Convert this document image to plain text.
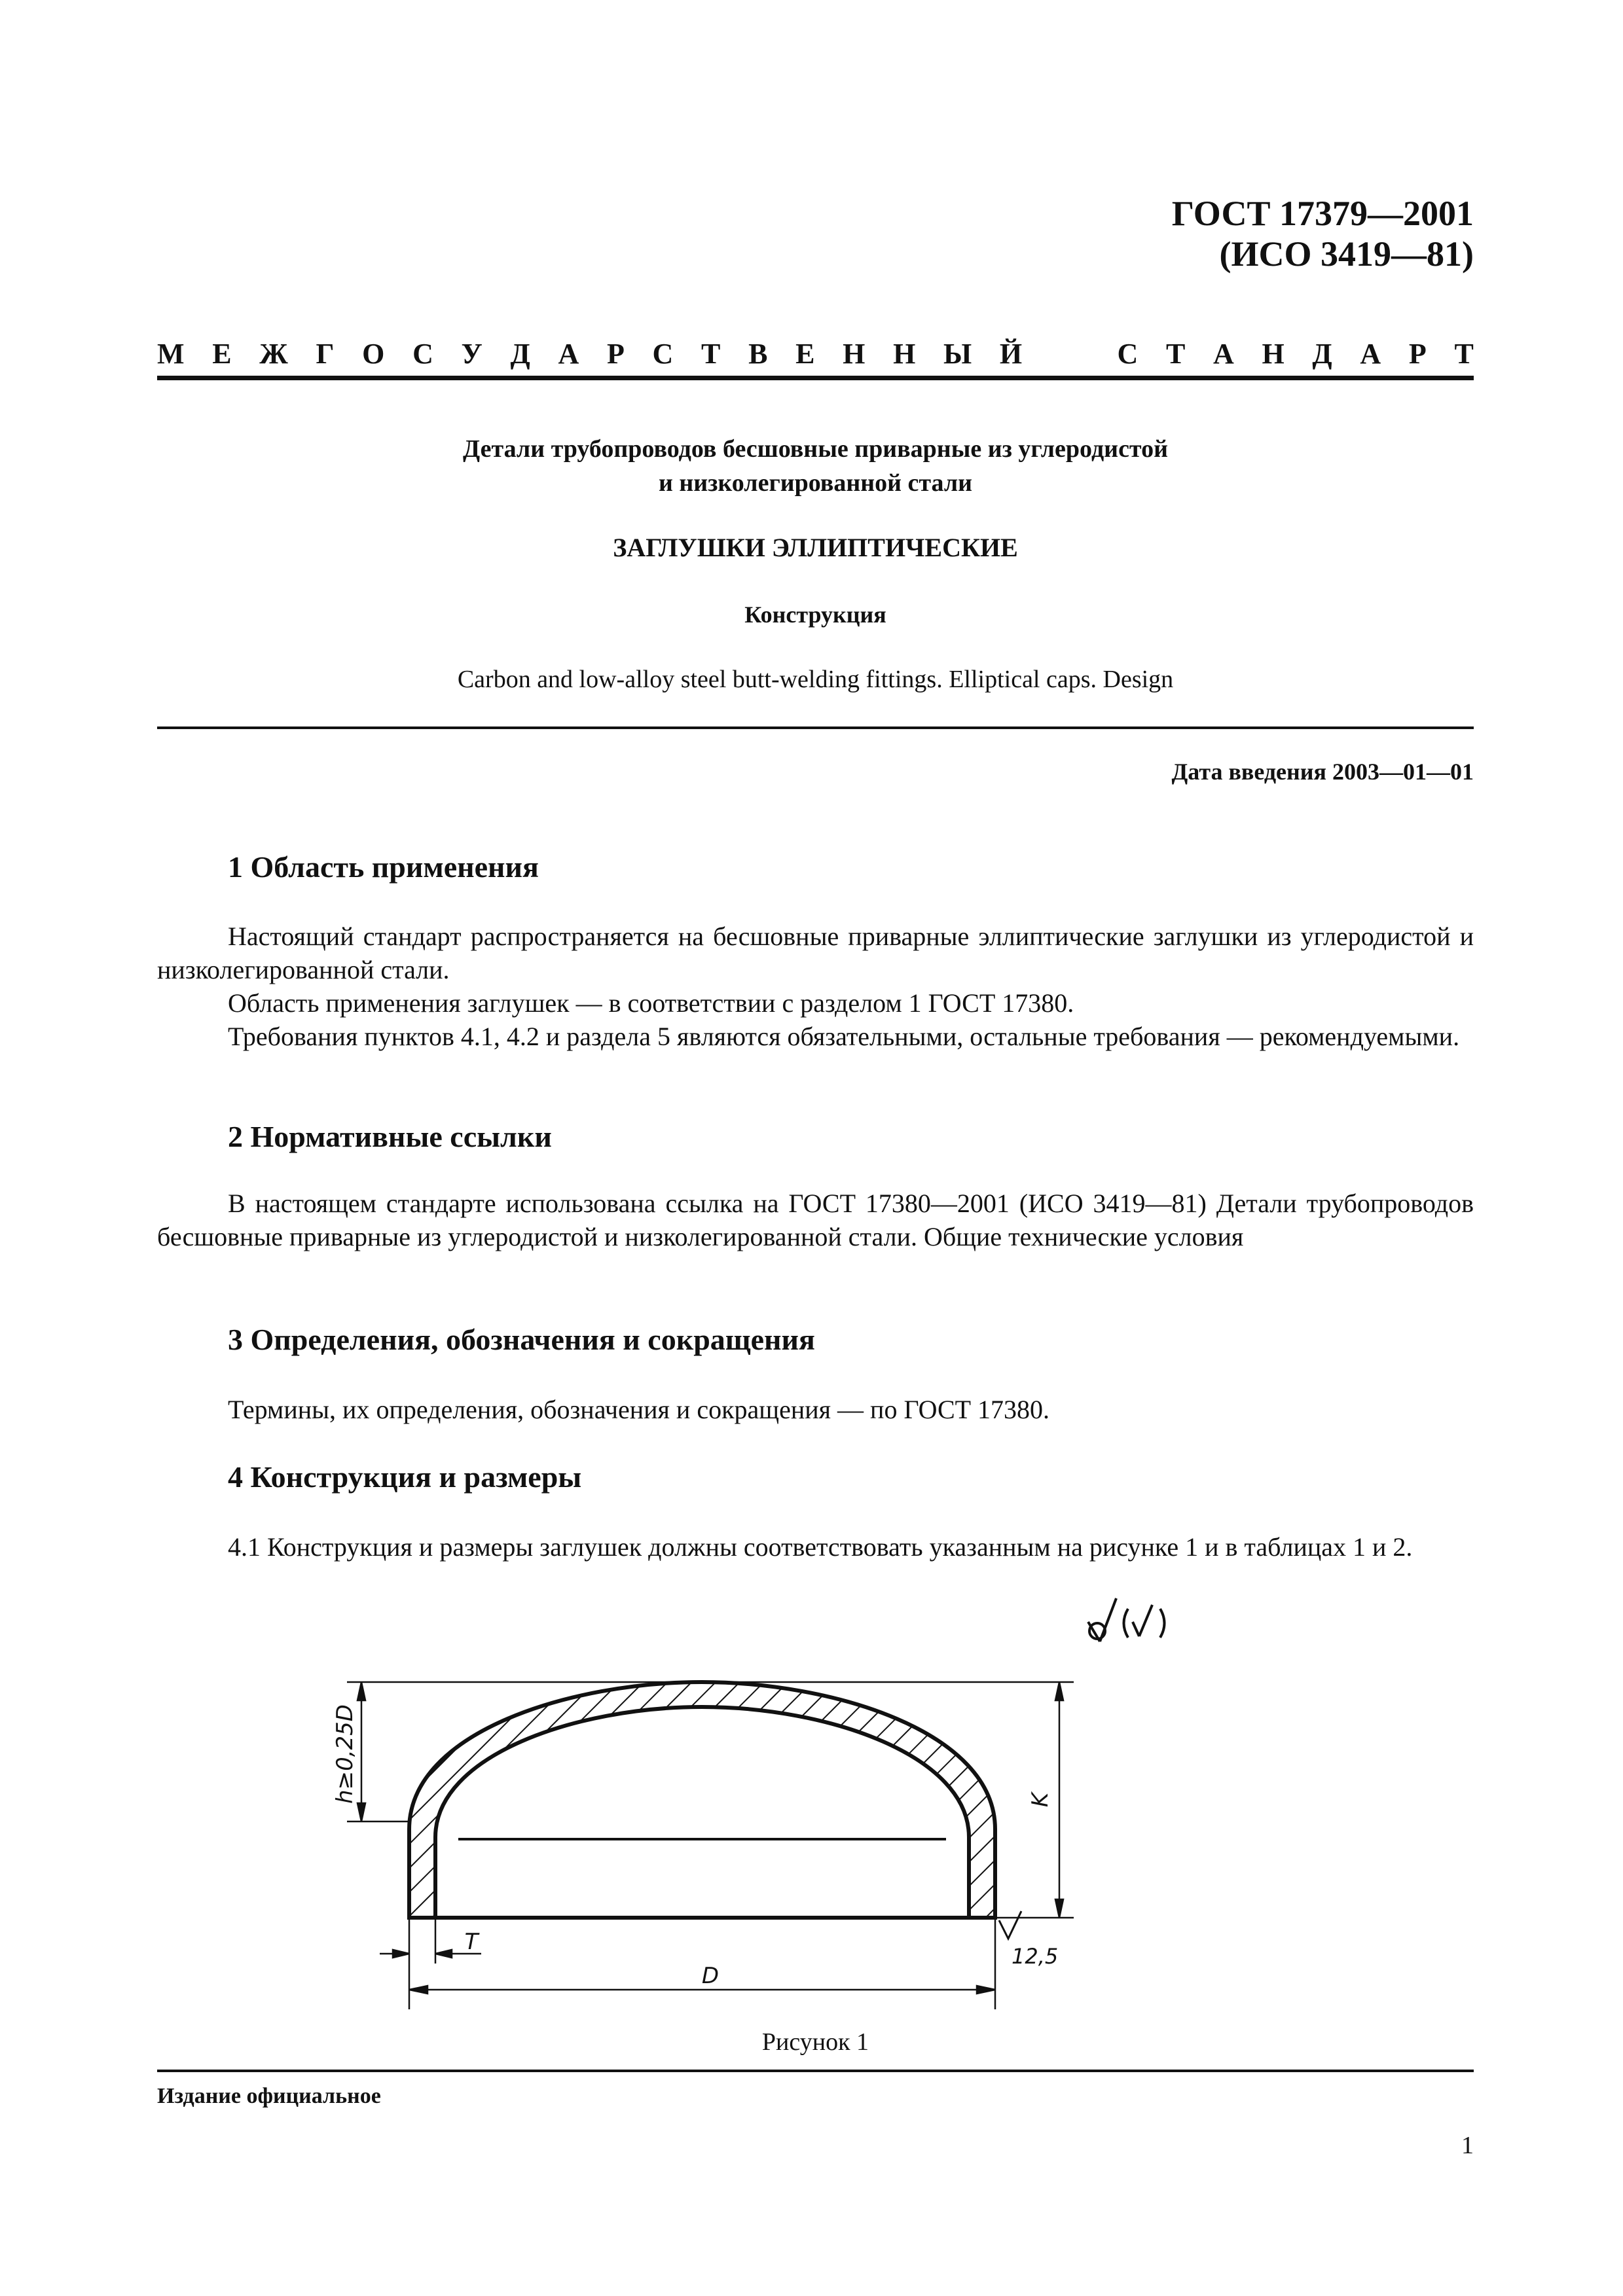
ГОСТ 17379—2001
(ИСО 3419—81)
М Е Ж Г О С У Д А Р С Т В Е Н Н Ы Й	С Т А Н Д А Р Т
Детали трубопроводов бесшовные приварные из углеродистой
и низколегированной стали
ЗАГЛУШКИ ЭЛЛИПТИЧЕСКИЕ
Конструкция
Carbon and low-alloy steel butt-welding fittings. Elliptical caps. Design
Дата введения 2003—01—01
1 Область применения
Настоящий стандарт распространяется на бесшовные приварные эллиптические заглушки из углеродистой и низколегированной стали.
Область применения заглушек — в соответствии с разделом 1 ГОСТ 17380.
Требования пунктов 4.1, 4.2 и раздела 5 являются обязательными, остальные требования — рекомендуемыми.
2 Нормативные ссылки
В настоящем стандарте использована ссылка на ГОСТ 17380—2001 (ИСО 3419—81) Детали трубопроводов бесшовные приварные из углеродистой и низколегированной стали. Общие технические условия
3 Определения, обозначения и сокращения
Термины, их определения, обозначения и сокращения — по ГОСТ 17380.
4 Конструкция и размеры
4.1 Конструкция и размеры заглушек должны соответствовать указанным на рисунке 1 и в таблицах 1 и 2.
h≥0,25D	K
T
D
12,5
Рисунок 1
Издание официальное
1
